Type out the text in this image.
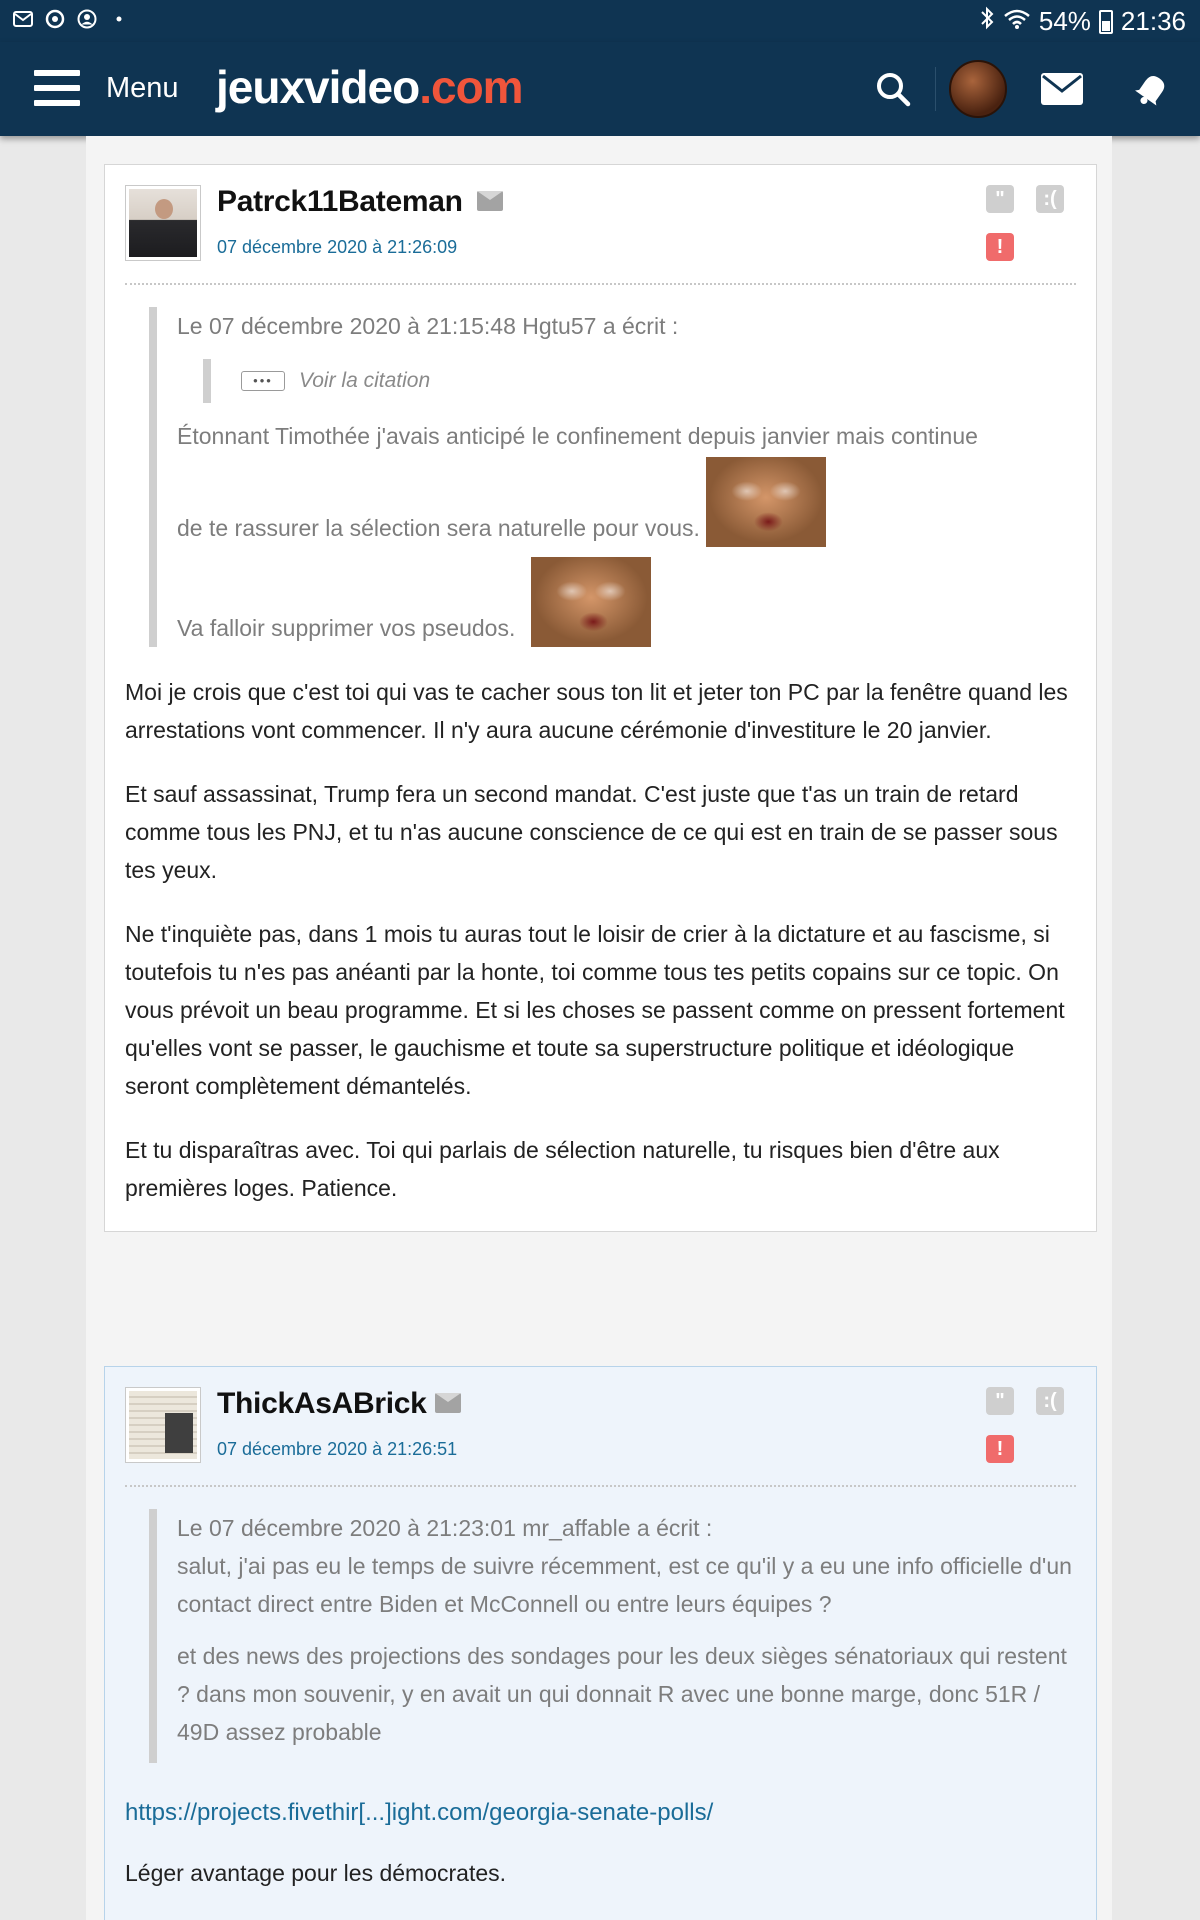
54% 21:36
Menu jeuxvideo.com
Patrck11Bateman
07 décembre 2020 à 21:26:09
"	:(
!

Le 07 décembre 2020 à 21:15:48 Hgtu57 a écrit :

•••	Voir la citation

Étonnant Timothée j'avais anticipé le confinement depuis janvier mais continue

de te rassurer la sélection sera naturelle pour vous.
Va falloir supprimer vos pseudos.

Moi je crois que c'est toi qui vas te cacher sous ton lit et jeter ton PC par la fenêtre quand les arrestations vont commencer. Il n'y aura aucune cérémonie d'investiture le 20 janvier.

Et sauf assassinat, Trump fera un second mandat. C'est juste que t'as un train de retard comme tous les PNJ, et tu n'as aucune conscience de ce qui est en train de se passer sous tes yeux.

Ne t'inquiète pas, dans 1 mois tu auras tout le loisir de crier à la dictature et au fascisme, si toutefois tu n'es pas anéanti par la honte, toi comme tous tes petits copains sur ce topic. On vous prévoit un beau programme. Et si les choses se passent comme on pressent fortement qu'elles vont se passer, le gauchisme et toute sa superstructure politique et idéologique seront complètement démantelés.

Et tu disparaîtras avec. Toi qui parlais de sélection naturelle, tu risques bien d'être aux premières loges. Patience.

ThickAsABrick
07 décembre 2020 à 21:26:51
"	:(
!

Le 07 décembre 2020 à 21:23:01 mr_affable a écrit :

salut, j'ai pas eu le temps de suivre récemment, est ce qu'il y a eu une info officielle d'un contact direct entre Biden et McConnell ou entre leurs équipes ?

et des news des projections des sondages pour les deux sièges sénatoriaux qui restent ? dans mon souvenir, y en avait un qui donnait R avec une bonne marge, donc 51R / 49D assez probable

https://projects.fivethir[...]ight.com/georgia-senate-polls/

Léger avantage pour les démocrates.
